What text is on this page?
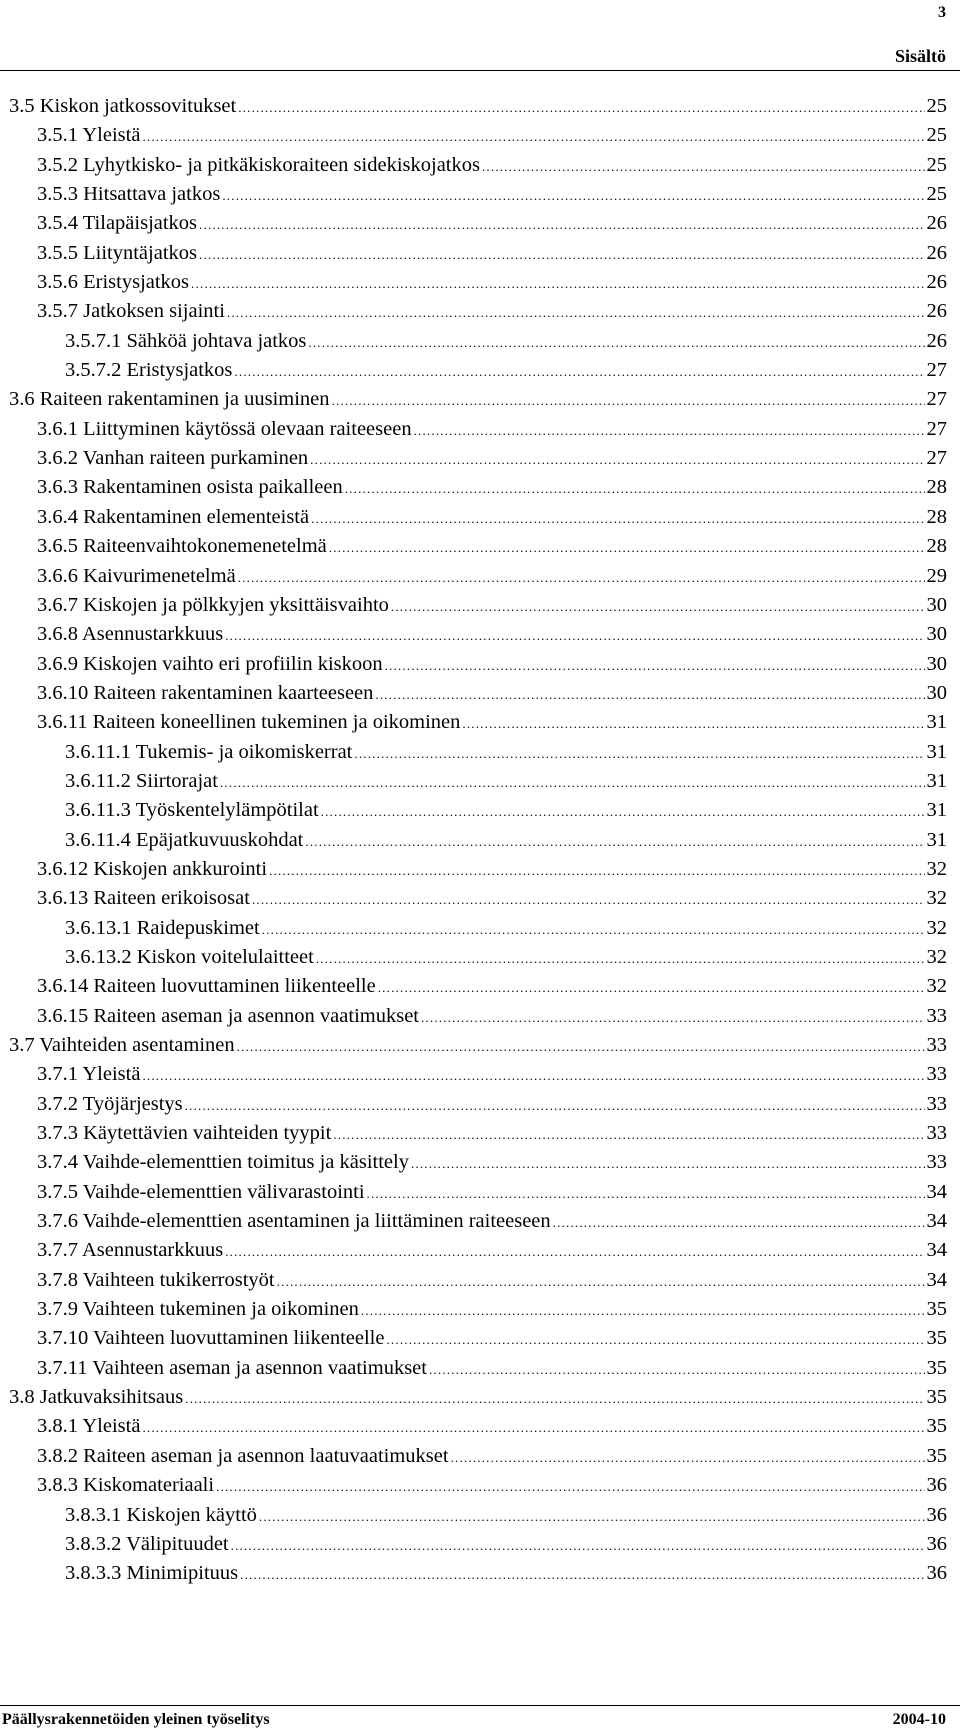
3
Sisältö
3.5 Kiskon jatkossovitukset .....	25
3.5.1 Yleistä .....	25
3.5.2 Lyhytkisko- ja pitkäkiskoraiteen sidekiskojatkos .....	25
3.5.3 Hitsattava jatkos .....	25
3.5.4 Tilapäisjatkos .....	26
3.5.5 Liityntäjatkos .....	26
3.5.6 Eristysjatkos .....	26
3.5.7 Jatkoksen sijainti .....	26
3.5.7.1 Sähköä johtava jatkos .....	26
3.5.7.2 Eristysjatkos .....	27
3.6 Raiteen rakentaminen ja uusiminen .....	27
3.6.1 Liittyminen käytössä olevaan raiteeseen .....	27
3.6.2 Vanhan raiteen purkaminen .....	27
3.6.3 Rakentaminen osista paikalleen .....	28
3.6.4 Rakentaminen elementeistä .....	28
3.6.5 Raiteenvaihtokonemenetelmä .....	28
3.6.6 Kaivurimenetelmä .....	29
3.6.7 Kiskojen ja pölkkyjen yksittäisvaihto .....	30
3.6.8 Asennustarkkuus .....	30
3.6.9 Kiskojen vaihto eri profiilin kiskoon .....	30
3.6.10 Raiteen rakentaminen kaarteeseen .....	30
3.6.11 Raiteen koneellinen tukeminen ja oikominen .....	31
3.6.11.1 Tukemis- ja oikomiskerrat .....	31
3.6.11.2 Siirtorajat .....	31
3.6.11.3 Työskentelylämpötilat .....	31
3.6.11.4 Epäjatkuvuuskohdat .....	31
3.6.12 Kiskojen ankkurointi .....	32
3.6.13 Raiteen erikoisosat .....	32
3.6.13.1 Raidepuskimet .....	32
3.6.13.2 Kiskon voitelulaitteet .....	32
3.6.14 Raiteen luovuttaminen liikenteelle .....	32
3.6.15 Raiteen aseman ja asennon vaatimukset .....	33
3.7 Vaihteiden asentaminen .....	33
3.7.1 Yleistä .....	33
3.7.2 Työjärjestys .....	33
3.7.3 Käytettävien vaihteiden tyypit .....	33
3.7.4 Vaihde-elementtien toimitus ja käsittely .....	33
3.7.5 Vaihde-elementtien välivarastointi .....	34
3.7.6 Vaihde-elementtien asentaminen ja liittäminen raiteeseen .....	34
3.7.7 Asennustarkkuus .....	34
3.7.8 Vaihteen tukikerrostyöt .....	34
3.7.9 Vaihteen tukeminen ja oikominen .....	35
3.7.10 Vaihteen luovuttaminen liikenteelle .....	35
3.7.11 Vaihteen aseman ja asennon vaatimukset .....	35
3.8 Jatkuvaksihitsaus .....	35
3.8.1 Yleistä .....	35
3.8.2 Raiteen aseman ja asennon laatuvaatimukset .....	35
3.8.3 Kiskomateriaali .....	36
3.8.3.1 Kiskojen käyttö .....	36
3.8.3.2 Välipituudet .....	36
3.8.3.3 Minimipituus .....	36
Päällysrakennetöiden yleinen työselitys	2004-10
